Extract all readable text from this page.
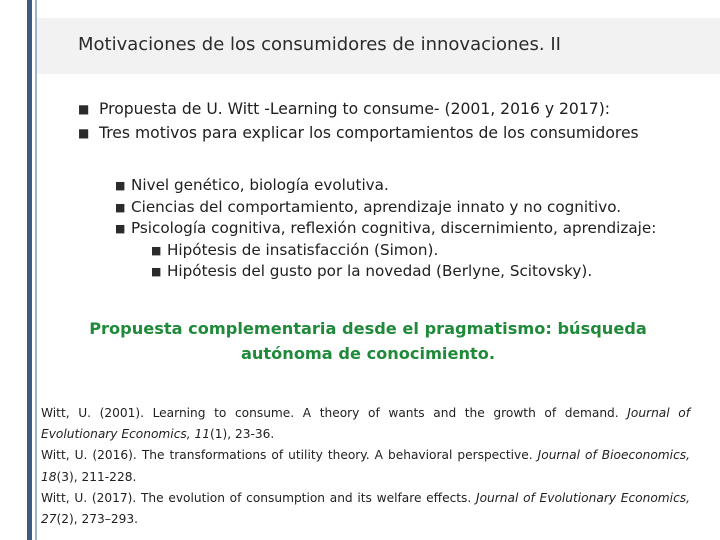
Motivaciones de los consumidores de innovaciones. II
■ Propuesta de U. Witt -Learning to consume- (2001, 2016 y 2017):
■ Tres motivos para explicar los comportamientos de los consumidores
■ Nivel genético, biología evolutiva.
■ Ciencias del comportamiento, aprendizaje innato y no cognitivo.
■ Psicología cognitiva, reflexión cognitiva, discernimiento, aprendizaje:
■ Hipótesis de insatisfacción (Simon).
■ Hipótesis del gusto por la novedad (Berlyne, Scitovsky).
Propuesta complementaria desde el pragmatismo: búsqueda
autónoma de conocimiento.

Witt, U. (2001). Learning to consume. A theory of wants and the growth of demand. Journal of Evolutionary Economics, 11(1), 23-36.

Witt, U. (2016). The transformations of utility theory. A behavioral perspective. Journal of Bioeconomics, 18(3), 211-228.

Witt, U. (2017). The evolution of consumption and its welfare effects. Journal of Evolutionary Economics, 27(2), 273–293.
